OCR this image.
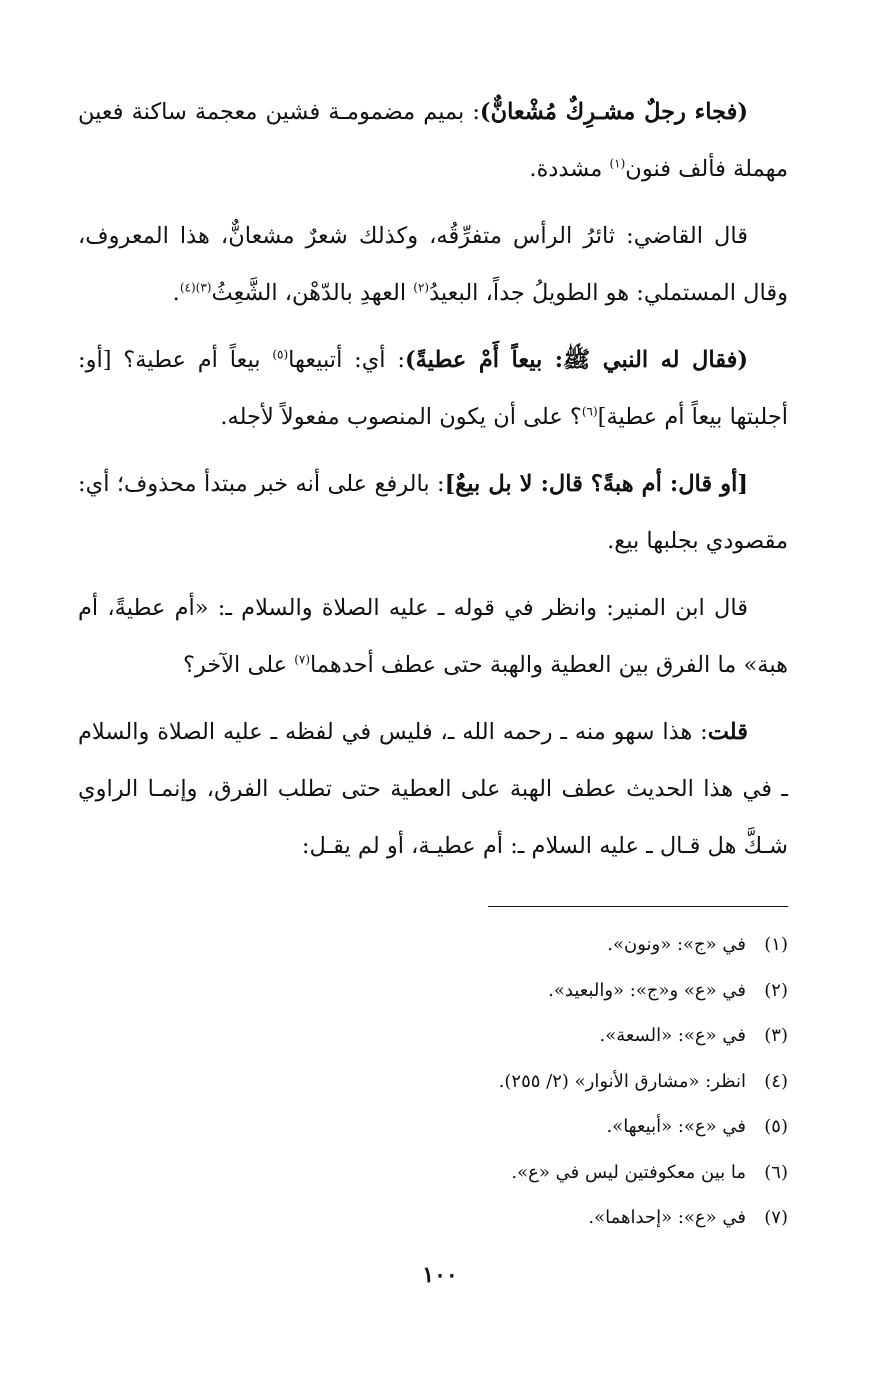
(فجاء رجلٌ مشـرِكٌ مُشْعانٌّ): بميم مضمومـة فشين معجمة ساكنة فعين مهملة فألف فنون$^{(١)}$ مشددة.

قال القاضي: ثائرُ الرأس متفرِّقُه، وكذلك شعرٌ مشعانٌّ، هذا المعروف، وقال المستملي: هو الطويلُ جداً، البعيدُ$^{(٢)}$ العهدِ بالدّهْن، الشَّعِثُ$^{(٣)(٤)}$.

(فقال له النبي ﷺ: بيعاً أَمْ عطيةً): أي: أتبيعها$^{(٥)}$ بيعاً أم عطية؟ [أو: أجلبتها بيعاً أم عطية]$^{(٦)}$؟ على أن يكون المنصوب مفعولاً لأجله.

[أو قال: أم هبةً؟ قال: لا بل بيعٌ]: بالرفع على أنه خبر مبتدأ محذوف؛ أي: مقصودي بجلبها بيع.

قال ابن المنير: وانظر في قوله ـ عليه الصلاة والسلام ـ: «أم عطيةً، أم هبة» ما الفرق بين العطية والهبة حتى عطف أحدهما$^{(٧)}$ على الآخر؟

قلت: هذا سهو منه ـ رحمه الله ـ، فليس في لفظه ـ عليه الصلاة والسلام ـ في هذا الحديث عطف الهبة على العطية حتى تطلب الفرق، وإنمـا الراوي شـكَّ هل قـال ـ عليه السلام ـ: أم عطيـة، أو لم يقـل:

(١)في «ج»: «ونون».
(٢)في «ع» و«ج»: «والبعيد».
(٣)في «ع»: «السعة».
(٤)انظر: «مشارق الأنوار» (٢/ ٢٥٥).
(٥)في «ع»: «أبيعها».
(٦)ما بين معكوفتين ليس في «ع».
(٧)في «ع»: «إحداهما».
١٠٠
